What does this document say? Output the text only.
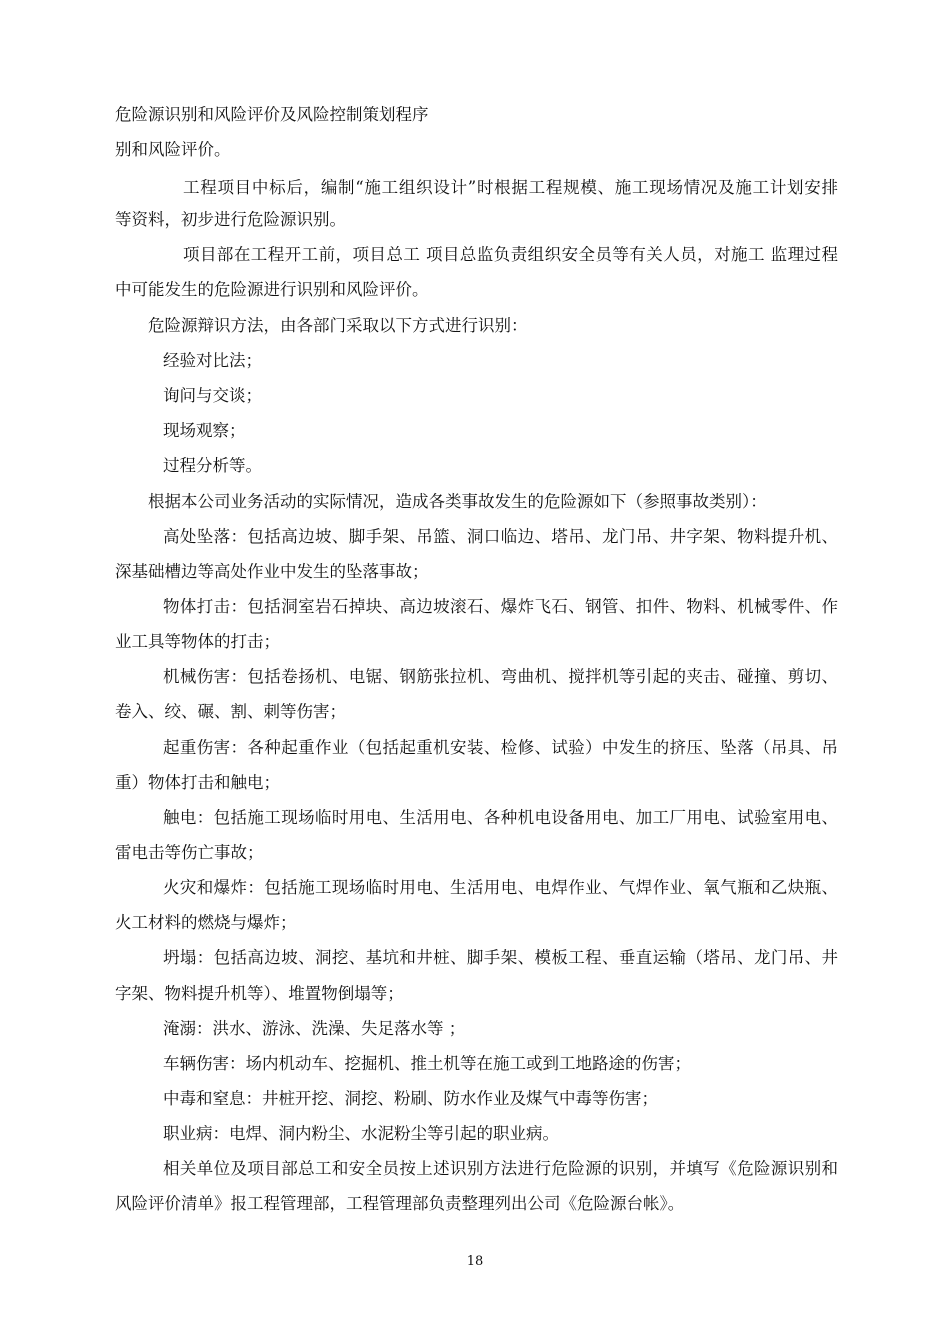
危险源识别和风险评价及风险控制策划程序
别和风险评价。
工程项目中标后，编制“施工组织设计”时根据工程规模、施工现场情况及施工计划安排
等资料，初步进行危险源识别。
项目部在工程开工前，项目总工 项目总监负责组织安全员等有关人员，对施工 监理过程
中可能发生的危险源进行识别和风险评价。
危险源辩识方法，由各部门采取以下方式进行识别：
经验对比法；
询问与交谈；
现场观察；
过程分析等。
根据本公司业务活动的实际情况，造成各类事故发生的危险源如下（参照事故类别）：
高处坠落：包括高边坡、脚手架、吊篮、洞口临边、塔吊、龙门吊、井字架、物料提升机、
深基础槽边等高处作业中发生的坠落事故；
物体打击：包括洞室岩石掉块、高边坡滚石、爆炸飞石、钢管、扣件、物料、机械零件、作
业工具等物体的打击；
机械伤害：包括卷扬机、电锯、钢筋张拉机、弯曲机、搅拌机等引起的夹击、碰撞、剪切、
卷入、绞、碾、割、刺等伤害；
起重伤害：各种起重作业（包括起重机安装、检修、试验）中发生的挤压、坠落（吊具、吊
重）物体打击和触电；
触电：包括施工现场临时用电、生活用电、各种机电设备用电、加工厂用电、试验室用电、
雷电击等伤亡事故；
火灾和爆炸：包括施工现场临时用电、生活用电、电焊作业、气焊作业、氧气瓶和乙炔瓶、
火工材料的燃烧与爆炸；
坍塌：包括高边坡、洞挖、基坑和井桩、脚手架、模板工程、垂直运输（塔吊、龙门吊、井
字架、物料提升机等）、堆置物倒塌等；
淹溺：洪水、游泳、洗澡、失足落水等 ；
车辆伤害：场内机动车、挖掘机、推土机等在施工或到工地路途的伤害；
中毒和窒息：井桩开挖、洞挖、粉刷、防水作业及煤气中毒等伤害；
职业病：电焊、洞内粉尘、水泥粉尘等引起的职业病。
相关单位及项目部总工和安全员按上述识别方法进行危险源的识别，并填写《危险源识别和
风险评价清单》报工程管理部，工程管理部负责整理列出公司《危险源台帐》。
18
